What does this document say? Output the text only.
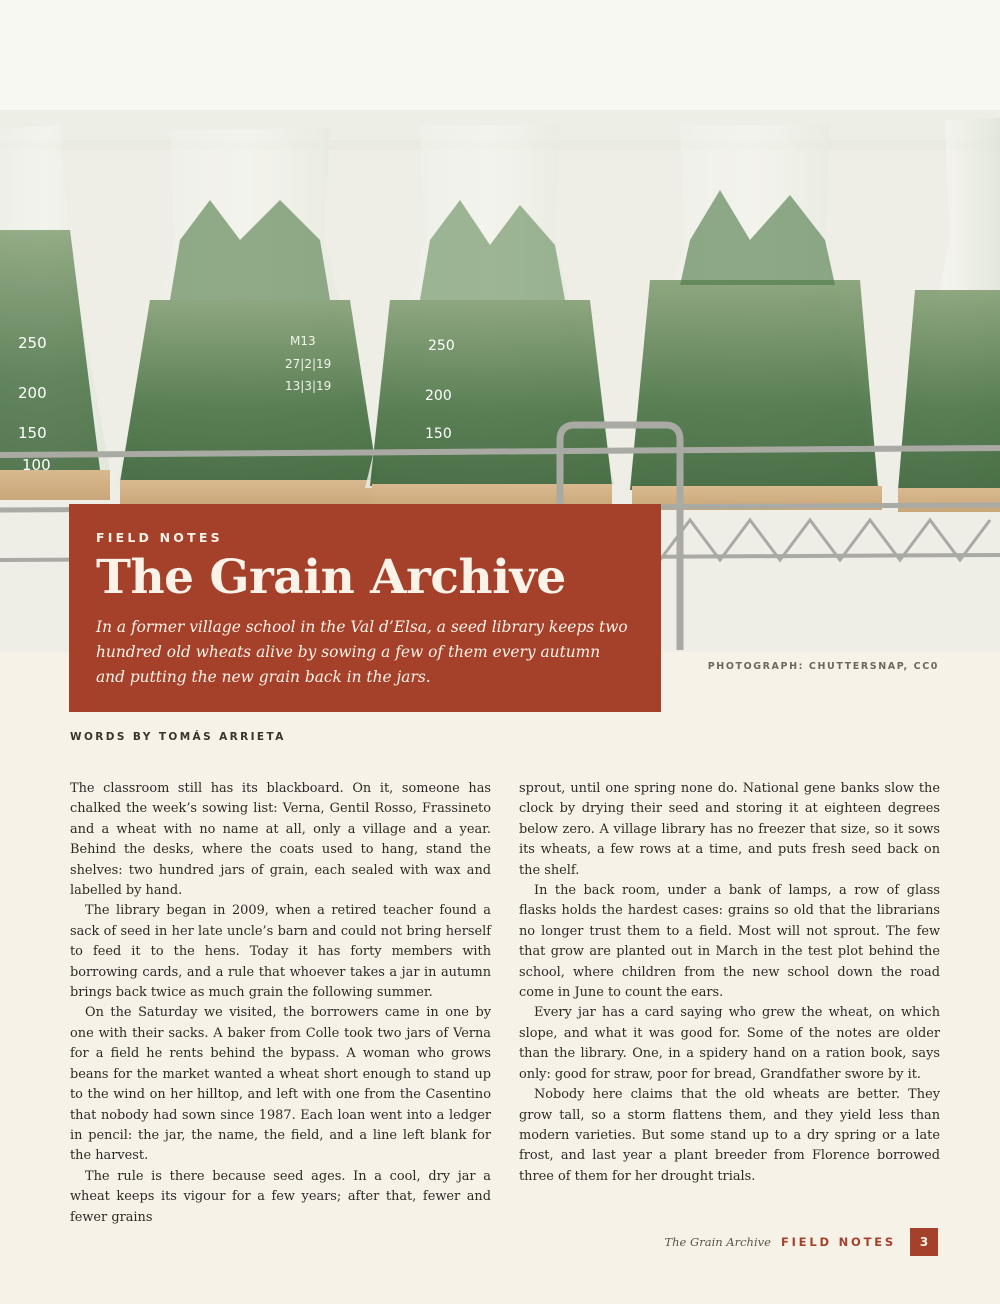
250
200
150
100
M13
27|2|19
13|3|19
250
200
150

FIELD NOTES

The Grain Archive

In a former village school in the Val d’Elsa, a seed library keeps two hundred old wheats alive by sowing a few of them every autumn and putting the new grain back in the jars.

PHOTOGRAPH: CHUTTERSNAP, CC0
WORDS BY TOMÁS ARRIETA

The classroom still has its blackboard. On it, someone has chalked the week’s sowing list: Verna, Gentil Rosso, Frassineto and a wheat with no name at all, only a village and a year. Behind the desks, where the coats used to hang, stand the shelves: two hundred jars of grain, each sealed with wax and labelled by hand.

The library began in 2009, when a retired teacher found a sack of seed in her late uncle’s barn and could not bring herself to feed it to the hens. Today it has forty members with borrowing cards, and a rule that whoever takes a jar in autumn brings back twice as much grain the following summer.

On the Saturday we visited, the borrowers came in one by one with their sacks. A baker from Colle took two jars of Verna for a field he rents behind the bypass. A woman who grows beans for the market wanted a wheat short enough to stand up to the wind on her hilltop, and left with one from the Casentino that nobody had sown since 1987. Each loan went into a ledger in pencil: the jar, the name, the field, and a line left blank for the harvest.

The rule is there because seed ages. In a cool, dry jar a wheat keeps its vigour for a few years; after that, fewer and fewer grains

sprout, until one spring none do. National gene banks slow the clock by drying their seed and storing it at eighteen degrees below zero. A village library has no freezer that size, so it sows its wheats, a few rows at a time, and puts fresh seed back on the shelf.

In the back room, under a bank of lamps, a row of glass flasks holds the hardest cases: grains so old that the librarians no longer trust them to a field. Most will not sprout. The few that grow are planted out in March in the test plot behind the school, where children from the new school down the road come in June to count the ears.

Every jar has a card saying who grew the wheat, on which slope, and what it was good for. Some of the notes are older than the library. One, in a spidery hand on a ration book, says only: good for straw, poor for bread, Grandfather swore by it.

Nobody here claims that the old wheats are better. They grow tall, so a storm flattens them, and they yield less than modern varieties. But some stand up to a dry spring or a late frost, and last year a plant breeder from Florence borrowed three of them for her drought trials.

The Grain Archive FIELD NOTES	3
